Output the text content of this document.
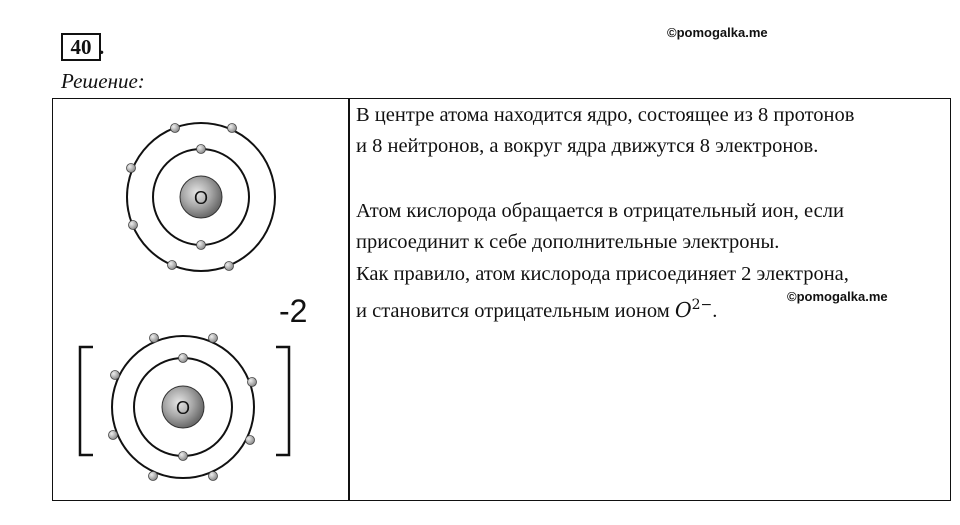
40 .
©pomogalka.me
Решение:
O
-2
O

В центре атома находится ядро, состоящее из 8 протонов

и 8 нейтронов, а вокруг ядра движутся 8 электронов.

Атом кислорода обращается в отрицательный ион, если

присоединит к себе дополнительные электроны.

Как правило, атом кислорода присоединяет 2 электрона,

и становится отрицательным ионом $O^{2-}$.

©pomogalka.me
